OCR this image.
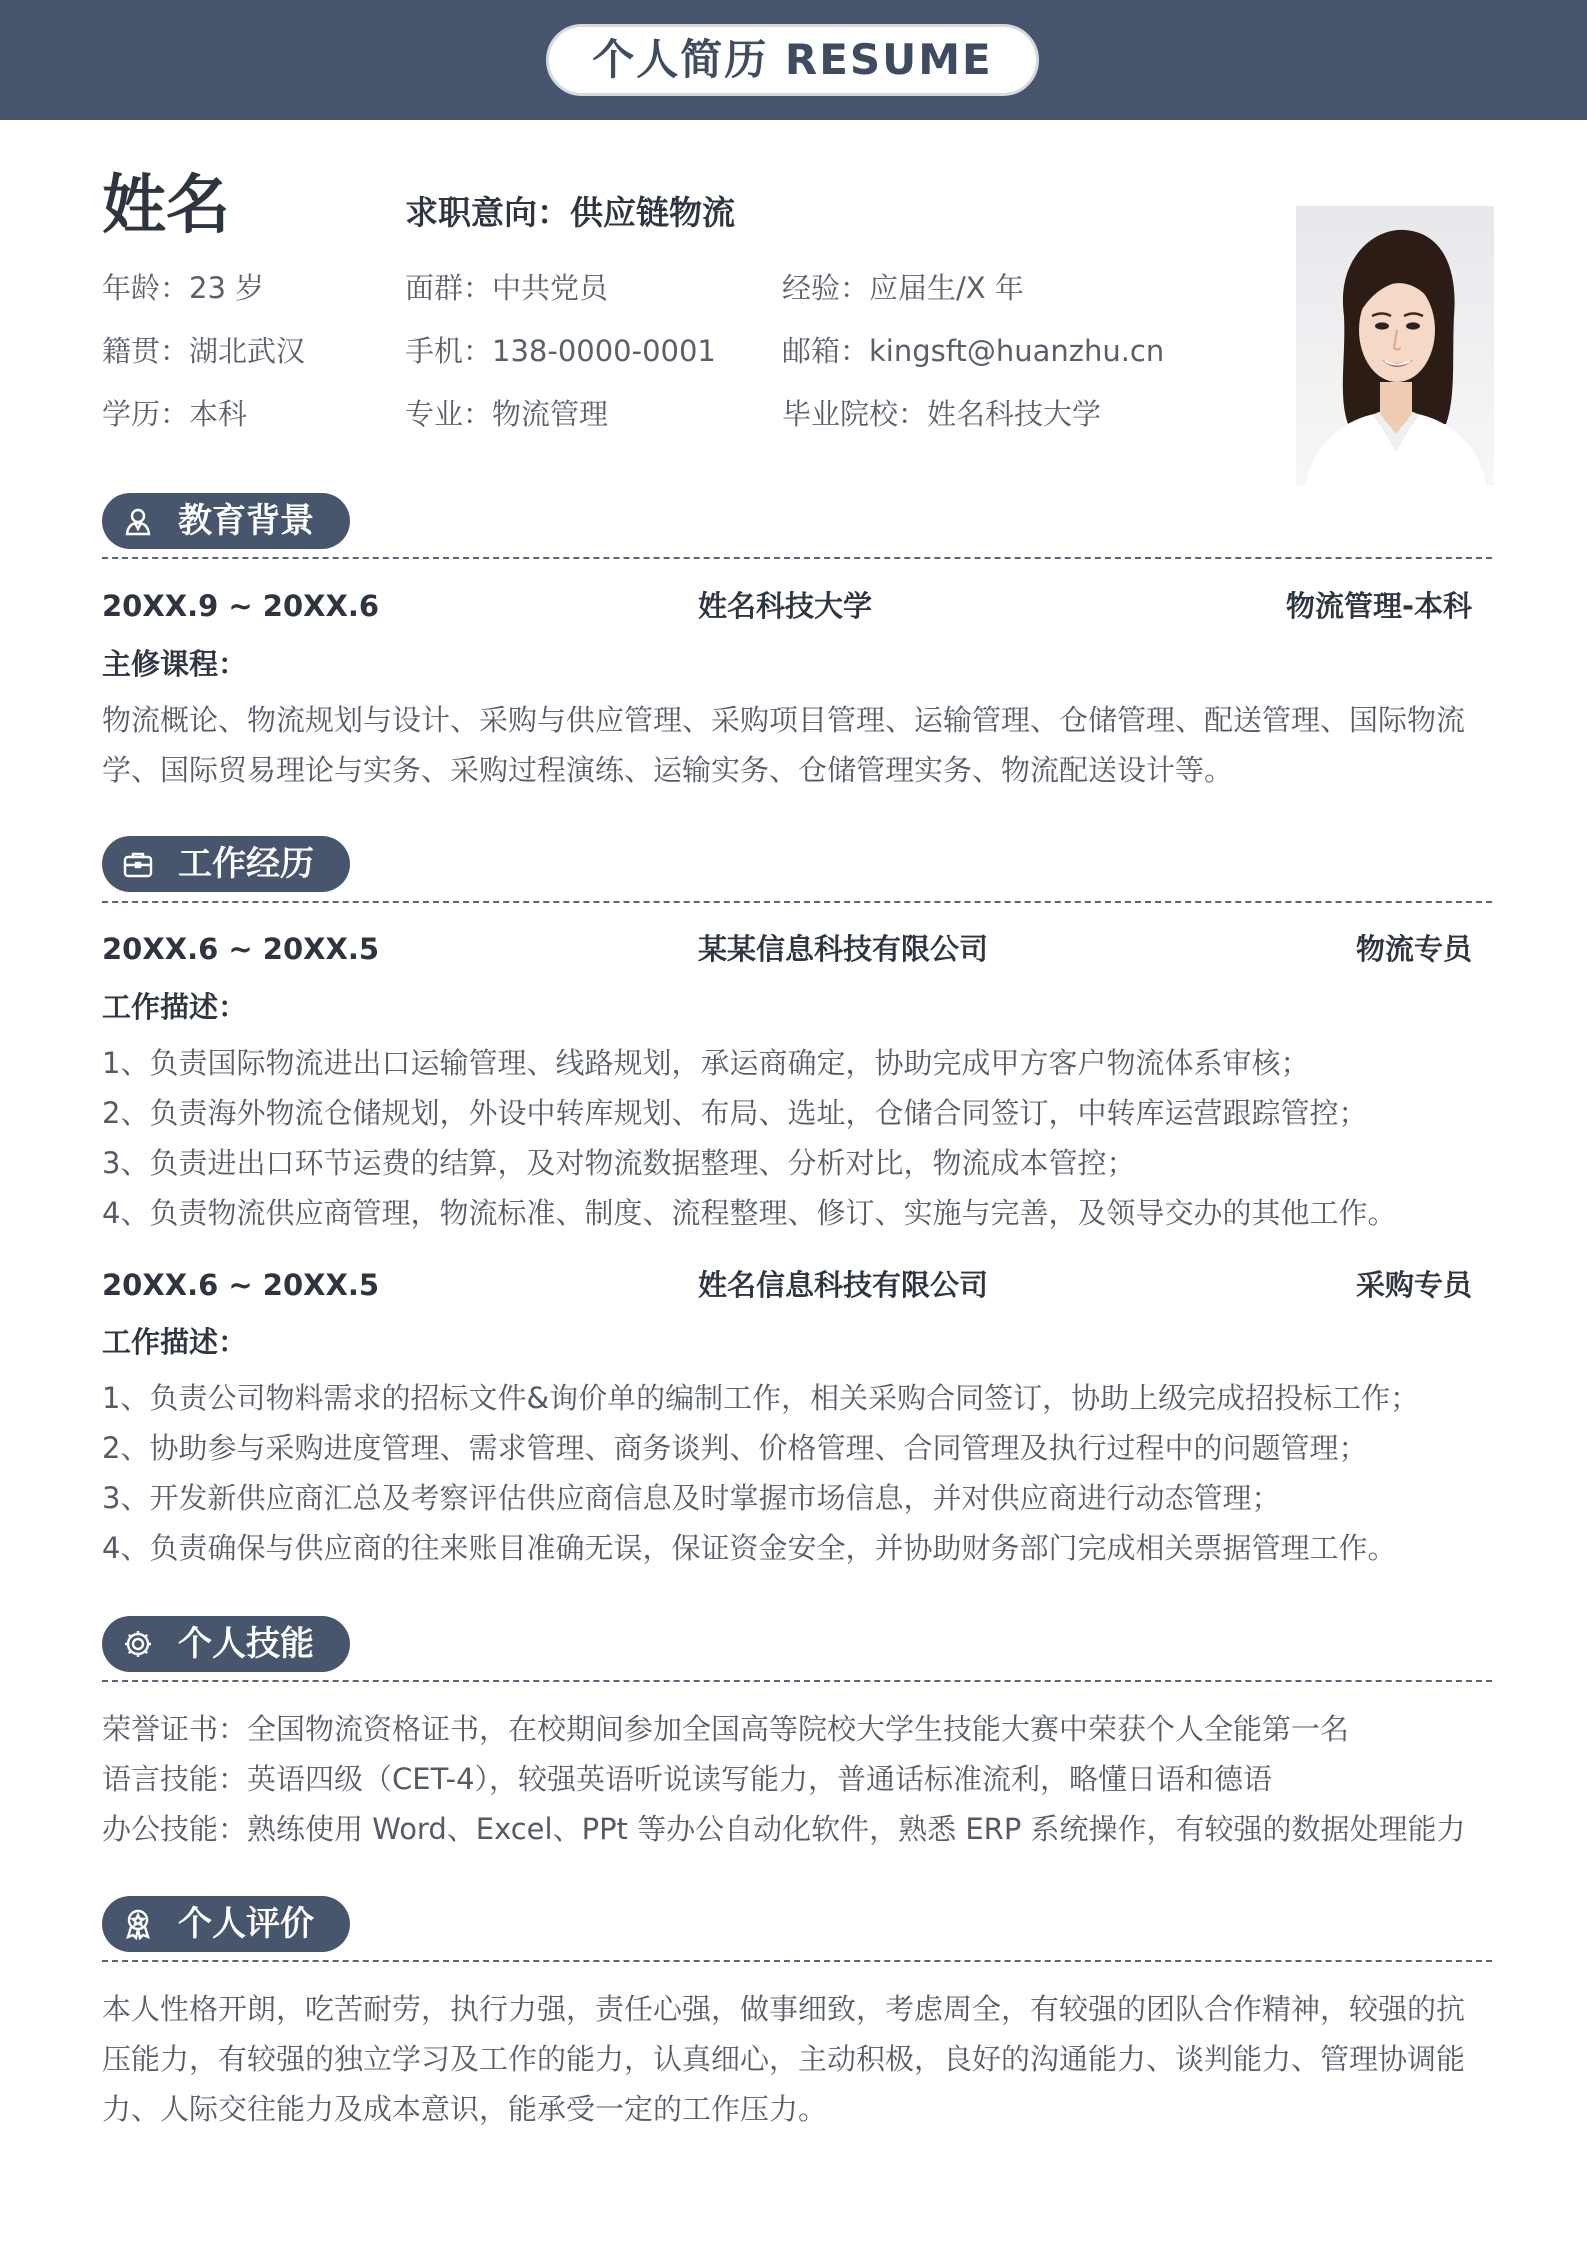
个人简历 RESUME
姓名	求职意向：供应链物流
年龄：23 岁	面群：中共党员	经验：应届生/X 年
籍贯：湖北武汉	手机：138-0000-0001 邮箱：kingsft@huanzhu.cn
学历：本科	专业：物流管理	毕业院校：姓名科技大学
教育背景
20XX.9 ~ 20XX.6	姓名科技大学	物流管理-本科
主修课程：
物流概论、物流规划与设计、采购与供应管理、采购项目管理、运输管理、仓储管理、配送管理、国际物流
学、国际贸易理论与实务、采购过程演练、运输实务、仓储管理实务、物流配送设计等。
工作经历
20XX.6 ~ 20XX.5	某某信息科技有限公司	物流专员
工作描述：
1、负责国际物流进出口运输管理、线路规划，承运商确定，协助完成甲方客户物流体系审核；
2、负责海外物流仓储规划，外设中转库规划、布局、选址，仓储合同签订，中转库运营跟踪管控；
3、负责进出口环节运费的结算，及对物流数据整理、分析对比，物流成本管控；
4、负责物流供应商管理，物流标准、制度、流程整理、修订、实施与完善，及领导交办的其他工作。
20XX.6 ~ 20XX.5	姓名信息科技有限公司	采购专员
工作描述：
1、负责公司物料需求的招标文件&询价单的编制工作，相关采购合同签订，协助上级完成招投标工作；
2、协助参与采购进度管理、需求管理、商务谈判、价格管理、合同管理及执行过程中的问题管理；
3、开发新供应商汇总及考察评估供应商信息及时掌握市场信息，并对供应商进行动态管理；
4、负责确保与供应商的往来账目准确无误，保证资金安全，并协助财务部门完成相关票据管理工作。
个人技能
荣誉证书：全国物流资格证书，在校期间参加全国高等院校大学生技能大赛中荣获个人全能第一名
语言技能：英语四级（CET-4），较强英语听说读写能力，普通话标准流利，略懂日语和德语
办公技能：熟练使用 Word、Excel、PPt 等办公自动化软件，熟悉 ERP 系统操作，有较强的数据处理能力
个人评价
本人性格开朗，吃苦耐劳，执行力强，责任心强，做事细致，考虑周全，有较强的团队合作精神，较强的抗
压能力，有较强的独立学习及工作的能力，认真细心，主动积极，良好的沟通能力、谈判能力、管理协调能
力、人际交往能力及成本意识，能承受一定的工作压力。
